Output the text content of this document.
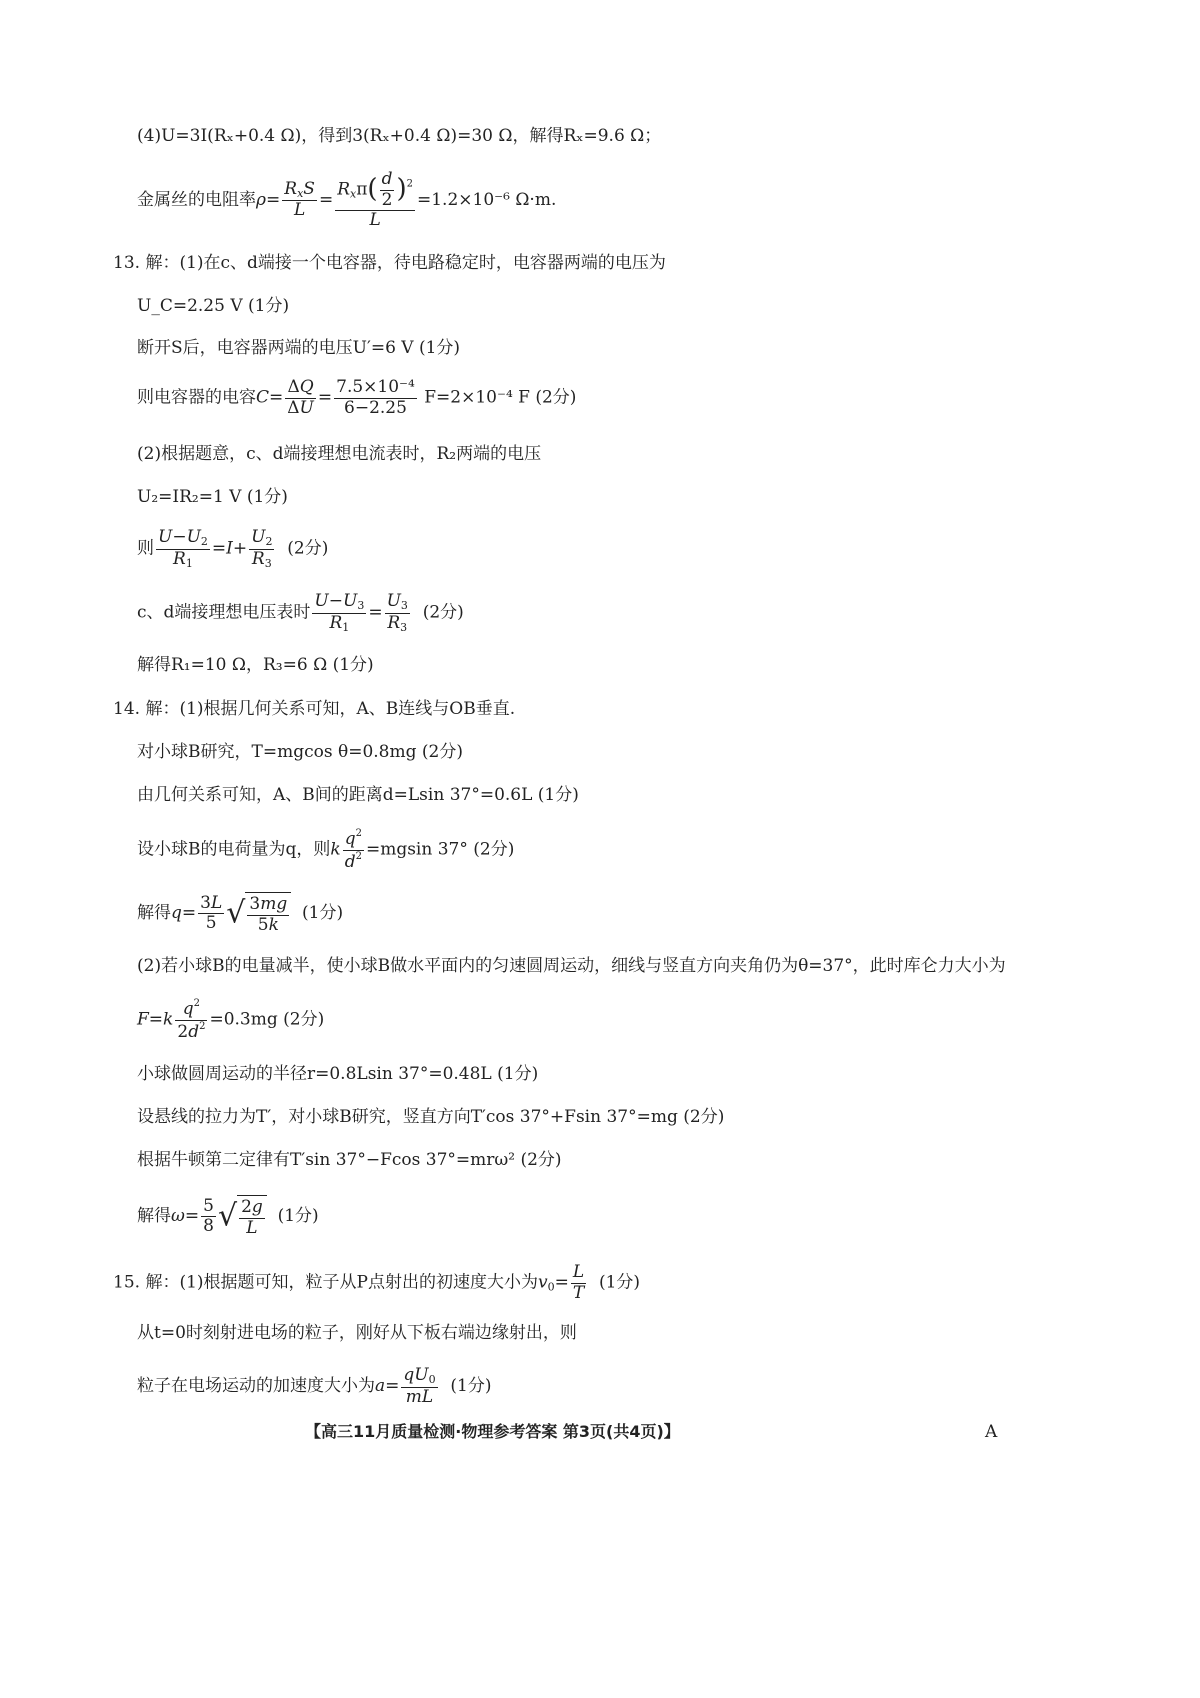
(4)U=3I(Rₓ+0.4 Ω)，得到3(Rₓ+0.4 Ω)=30 Ω，解得Rₓ=9.6 Ω；
金属丝的电阻率ρ=
RxS
L
=
$Rx\pi( \frac{d}{2} )^2$
L
=1.2×10⁻⁶ Ω·m.
13. 解：(1)在c、d端接一个电容器，待电路稳定时，电容器两端的电压为
U_C=2.25 V (1分)
断开S后，电容器两端的电压U′=6 V (1分)
则电容器的电容$C= \frac{\Delta Q}{\Delta U} = \frac{\text{7.5×10⁻⁴}}{6-2.25} F=2\times 10^{-4}$ F (2分)
(2)根据题意，c、d端接理想电流表时，R₂两端的电压
U₂=IR₂=1 V (1分)
则 $\frac{U-U2}{R1} =I+ \frac{U2}{R3} (2$分)
c、d端接理想电压表时 $\frac{U-U3}{R1} = \frac{U3}{R3} (2$分)
解得R₁=10 Ω，R₃=6 Ω (1分)
14. 解：(1)根据几何关系可知，A、B连线与OB垂直.
对小球B研究，T=mgcos θ=0.8mg (2分)
由几何关系可知，A、B间的距离d=Lsin 37°=0.6L (1分)
设小球B的电荷量为q，则k $\frac{q^2}{d^2} =mgsin$ 37° (2分)
解得$q= \frac{3L}{5}$ √ $\frac{3mg}{5k} (1$分)
(2)若小球B的电量减半，使小球B做水平面内的匀速圆周运动，细线与竖直方向夹角仍为θ=37°，此时库仑力大小为
$F=k \frac{q^2}{2d^2} =0.3mg$ (2分)
小球做圆周运动的半径r=0.8Lsin 37°=0.48L (1分)
设悬线的拉力为T′，对小球B研究，竖直方向T′cos 37°+Fsin 37°=mg (2分)
根据牛顿第二定律有T′sin 37°−Fcos 37°=mrω² (2分)
解得$\omega= \frac{5}{8}$ √ $\frac{2g}{L} (1$分)
15. 解：(1)根据题可知，粒子从P点射出的初速度大小为$v0= \frac{L}{T} (1$分)
从t=0时刻射进电场的粒子，刚好从下板右端边缘射出，则
粒子在电场运动的加速度大小为$a= \frac{qU0}{mL} (1$分)
【高三11月质量检测·物理参考答案 第3页(共4页)】	A
